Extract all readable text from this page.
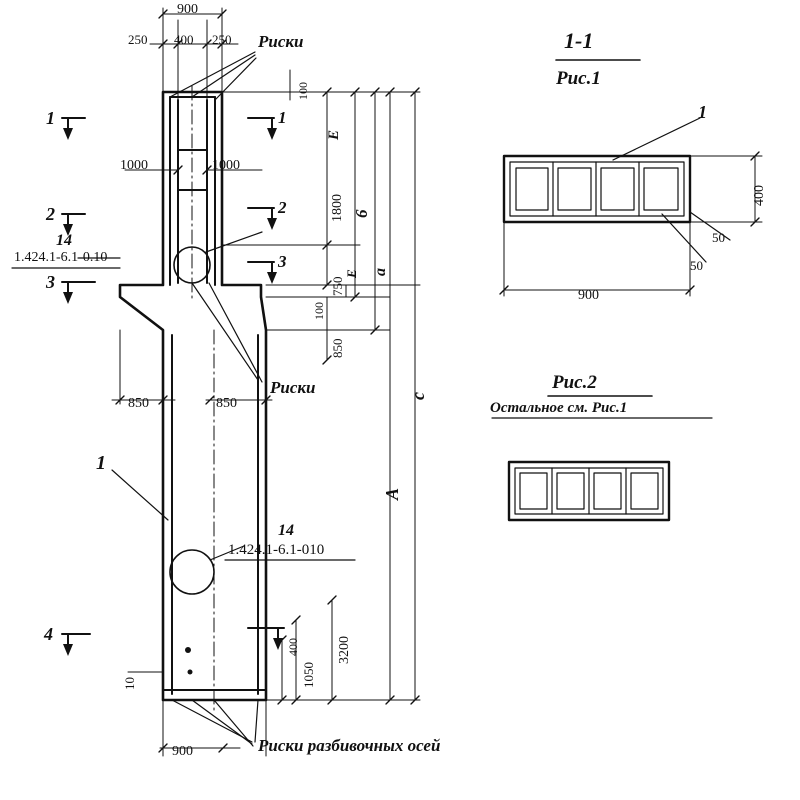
1-1
Рис.1
Рис.2
Остальное см. Рис.1
Риски
Риски
Рискu разбивочных осей
14
1.424.1-6.1-0.10
14
1.424.1-6.1-010
1
2
3
4
1
2
3
1
1
900
250 400 250
1000	1000
850	850
900
10
100
E
1800 6
a
E
100
750
850
c
A
3200
1050
400
900
400
50
50
